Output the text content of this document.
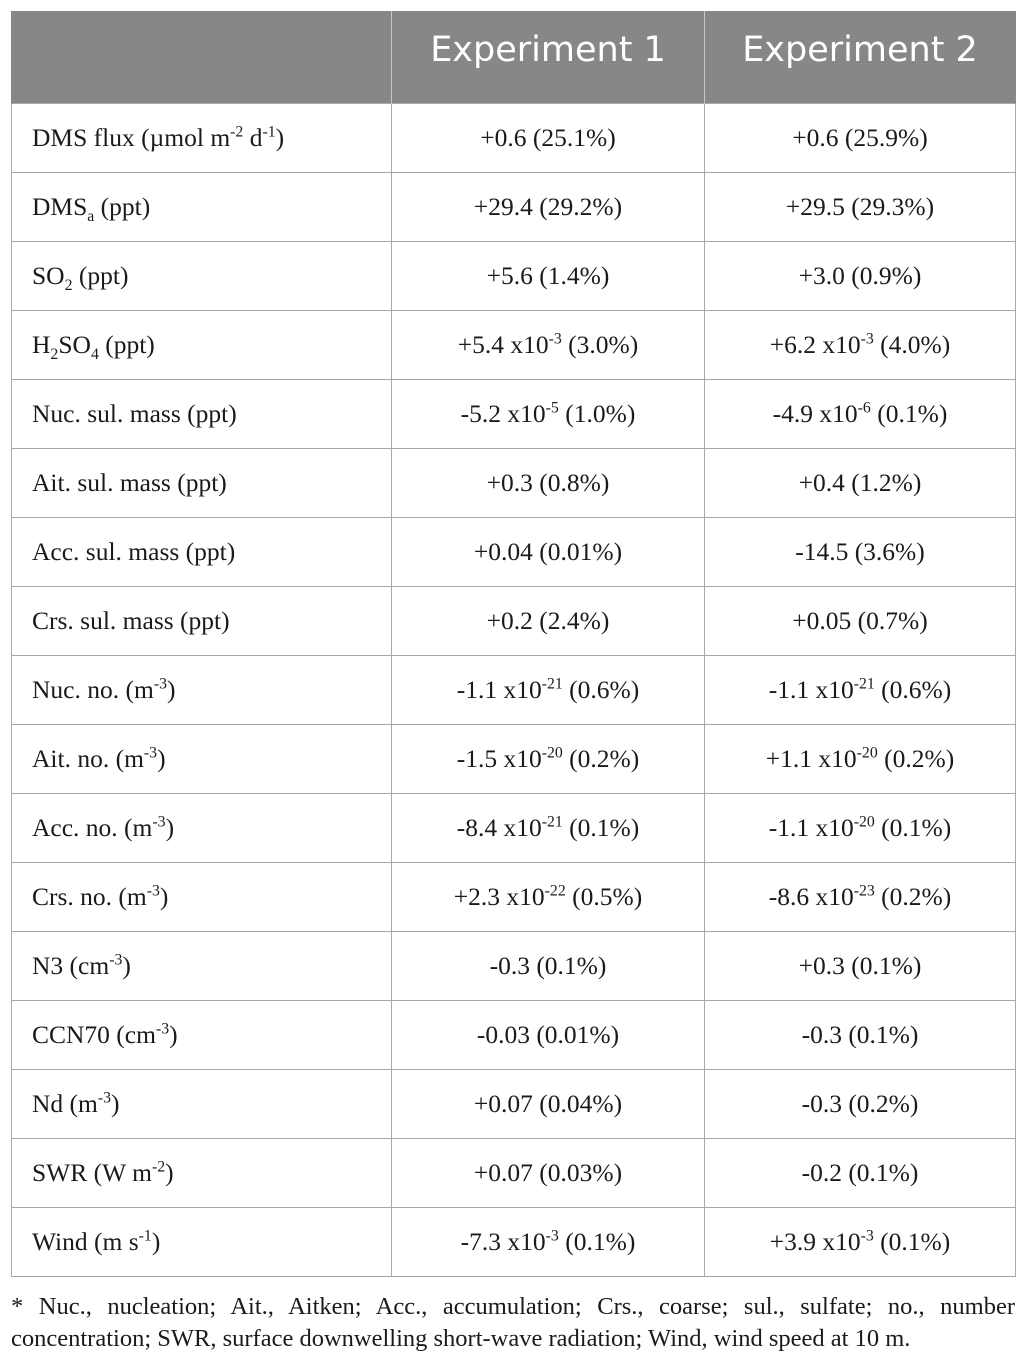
	Experiment 1	Experiment 2
DMS flux (µmol $m^{-2}$ $d^{-1}$)	+0.6 (25.1%)	+0.6 (25.9%)
$DMS_a$ (ppt)	+29.4 (29.2%)	+29.5 (29.3%)
$SO_2$ (ppt)	+5.6 (1.4%)	+3.0 (0.9%)
$H_2SO_4$ (ppt)	+5.4 $x10^{-3}$ (3.0%)	+6.2 $x10^{-3}$ (4.0%)
Nuc. sul. mass (ppt)	-5.2 $x10^{-5}$ (1.0%)	-4.9 $x10^{-6}$ (0.1%)
Ait. sul. mass (ppt)	+0.3 (0.8%)	+0.4 (1.2%)
Acc. sul. mass (ppt)	+0.04 (0.01%)	-14.5 (3.6%)
Crs. sul. mass (ppt)	+0.2 (2.4%)	+0.05 (0.7%)
Nuc. no. $(m^{-3})$	-1.1 $x10^{-21}$ (0.6%)	-1.1 $x10^{-21}$ (0.6%)
Ait. no. $(m^{-3})$	-1.5 $x10^{-20}$ (0.2%)	+1.1 $x10^{-20}$ (0.2%)
Acc. no. $(m^{-3})$	-8.4 $x10^{-21}$ (0.1%)	-1.1 $x10^{-20}$ (0.1%)
Crs. no. $(m^{-3})$	+2.3 $x10^{-22}$ (0.5%)	-8.6 $x10^{-23}$ (0.2%)
N3 $(cm^{-3})$	-0.3 (0.1%)	+0.3 (0.1%)
CCN70 $(cm^{-3})$	-0.03 (0.01%)	-0.3 (0.1%)
Nd $(m^{-3})$	+0.07 (0.04%)	-0.3 (0.2%)
SWR (W $m^{-2}$)	+0.07 (0.03%)	-0.2 (0.1%)
Wind (m $s^{-1}$)	-7.3 $x10^{-3}$ (0.1%)	+3.9 $x10^{-3}$ (0.1%)

* Nuc., nucleation; Ait., Aitken; Acc., accumulation; Crs., coarse; sul., sulfate; no., number concentration; SWR, surface downwelling short-wave radiation; Wind, wind speed at 10 m.
